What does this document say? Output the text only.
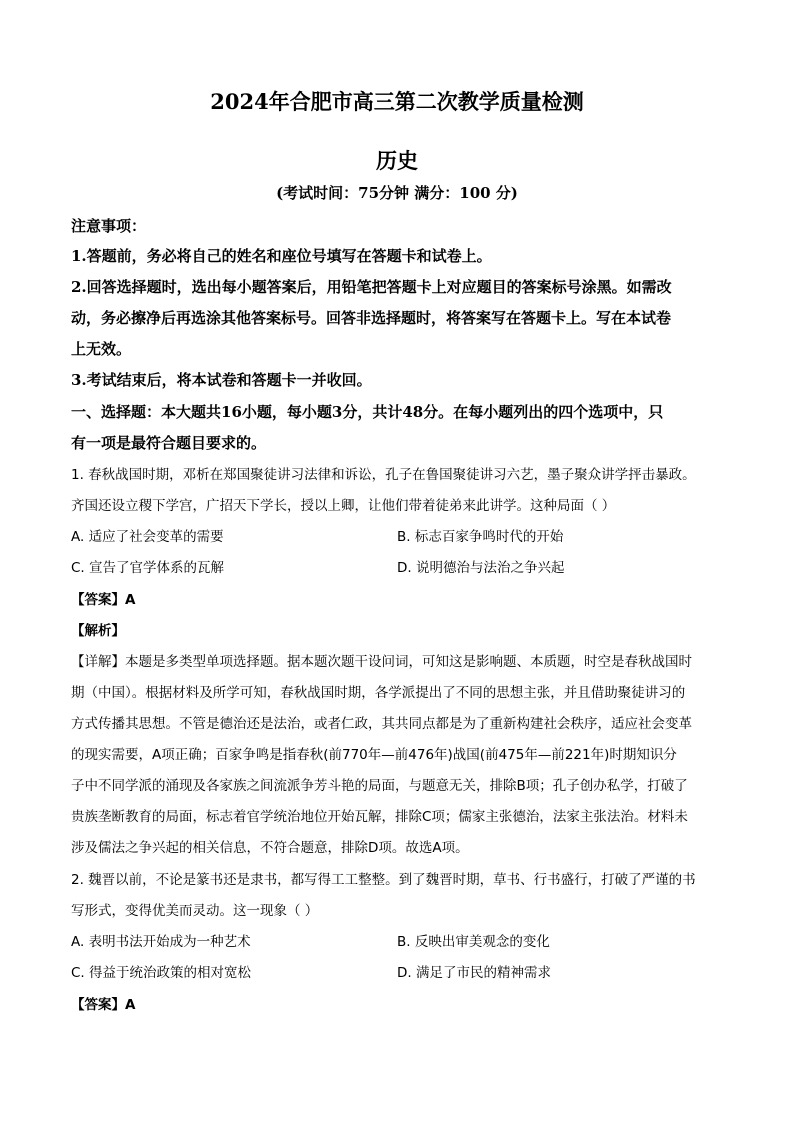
2024年合肥市高三第二次教学质量检测
历史
(考试时间：75分钟 满分：100 分)
注意事项：
1.答题前，务必将自己的姓名和座位号填写在答题卡和试卷上。
2.回答选择题时，选出每小题答案后，用铅笔把答题卡上对应题目的答案标号涂黑。如需改
动，务必擦净后再选涂其他答案标号。回答非选择题时，将答案写在答题卡上。写在本试卷
上无效。
3.考试结束后，将本试卷和答题卡一并收回。
一、选择题：本大题共16小题，每小题3分，共计48分。在每小题列出的四个选项中，只
有一项是最符合题目要求的。
1. 春秋战国时期，邓析在郑国聚徒讲习法律和诉讼，孔子在鲁国聚徒讲习六艺，墨子聚众讲学抨击暴政。
齐国还设立稷下学宫，广招天下学长，授以上卿，让他们带着徒弟来此讲学。这种局面（ ）
A. 适应了社会变革的需要	B. 标志百家争鸣时代的开始
C. 宣告了官学体系的瓦解	D. 说明德治与法治之争兴起
【答案】A
【解析】
【详解】本题是多类型单项选择题。据本题次题干设问词，可知这是影响题、本质题，时空是春秋战国时
期（中国）。根据材料及所学可知，春秋战国时期，各学派提出了不同的思想主张，并且借助聚徒讲习的
方式传播其思想。不管是德治还是法治，或者仁政，其共同点都是为了重新构建社会秩序，适应社会变革
的现实需要，A项正确；百家争鸣是指春秋(前770年—前476年)战国(前475年—前221年)时期知识分
子中不同学派的涌现及各家族之间流派争芳斗艳的局面，与题意无关，排除B项；孔子创办私学，打破了
贵族垄断教育的局面，标志着官学统治地位开始瓦解，排除C项；儒家主张德治，法家主张法治。材料未
涉及儒法之争兴起的相关信息，不符合题意，排除D项。故选A项。
2. 魏晋以前，不论是篆书还是隶书，都写得工工整整。到了魏晋时期，草书、行书盛行，打破了严谨的书
写形式，变得优美而灵动。这一现象（ ）
A. 表明书法开始成为一种艺术	B. 反映出审美观念的变化
C. 得益于统治政策的相对宽松	D. 满足了市民的精神需求
【答案】A
